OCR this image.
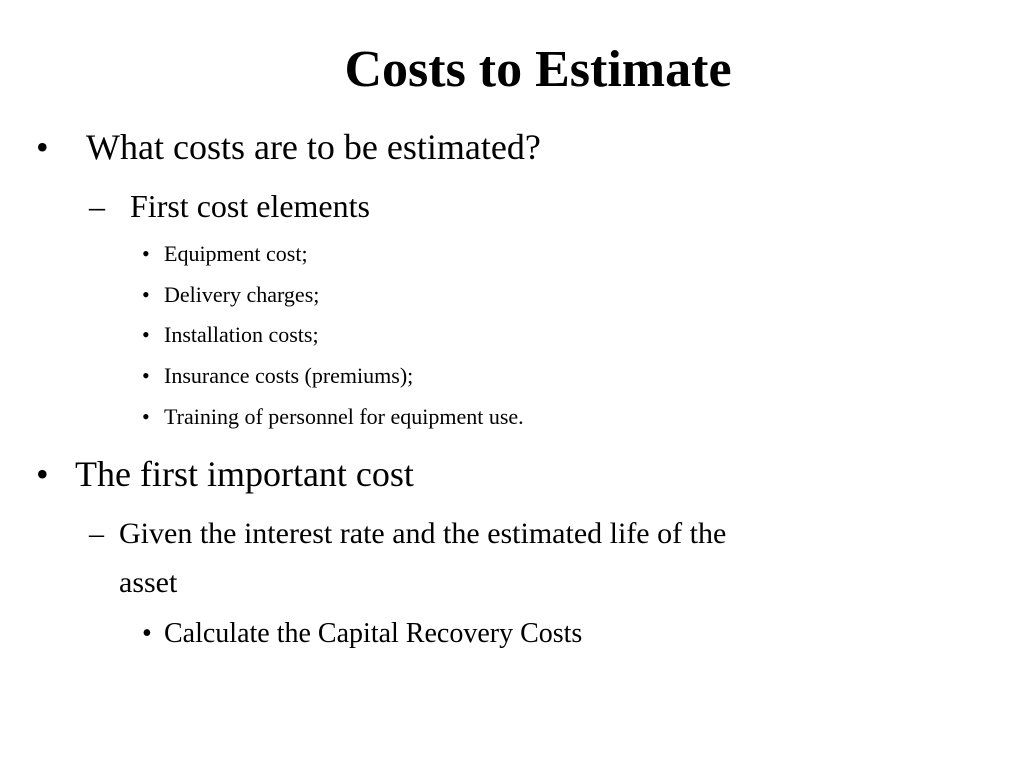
Costs to Estimate
• What costs are to be estimated?
– First cost elements
• Equipment cost;
• Delivery charges;
• Installation costs;
• Insurance costs (premiums);
• Training of personnel for equipment use.
• The first important cost
– Given the interest rate and the estimated life of the
asset
• Calculate the Capital Recovery Costs
